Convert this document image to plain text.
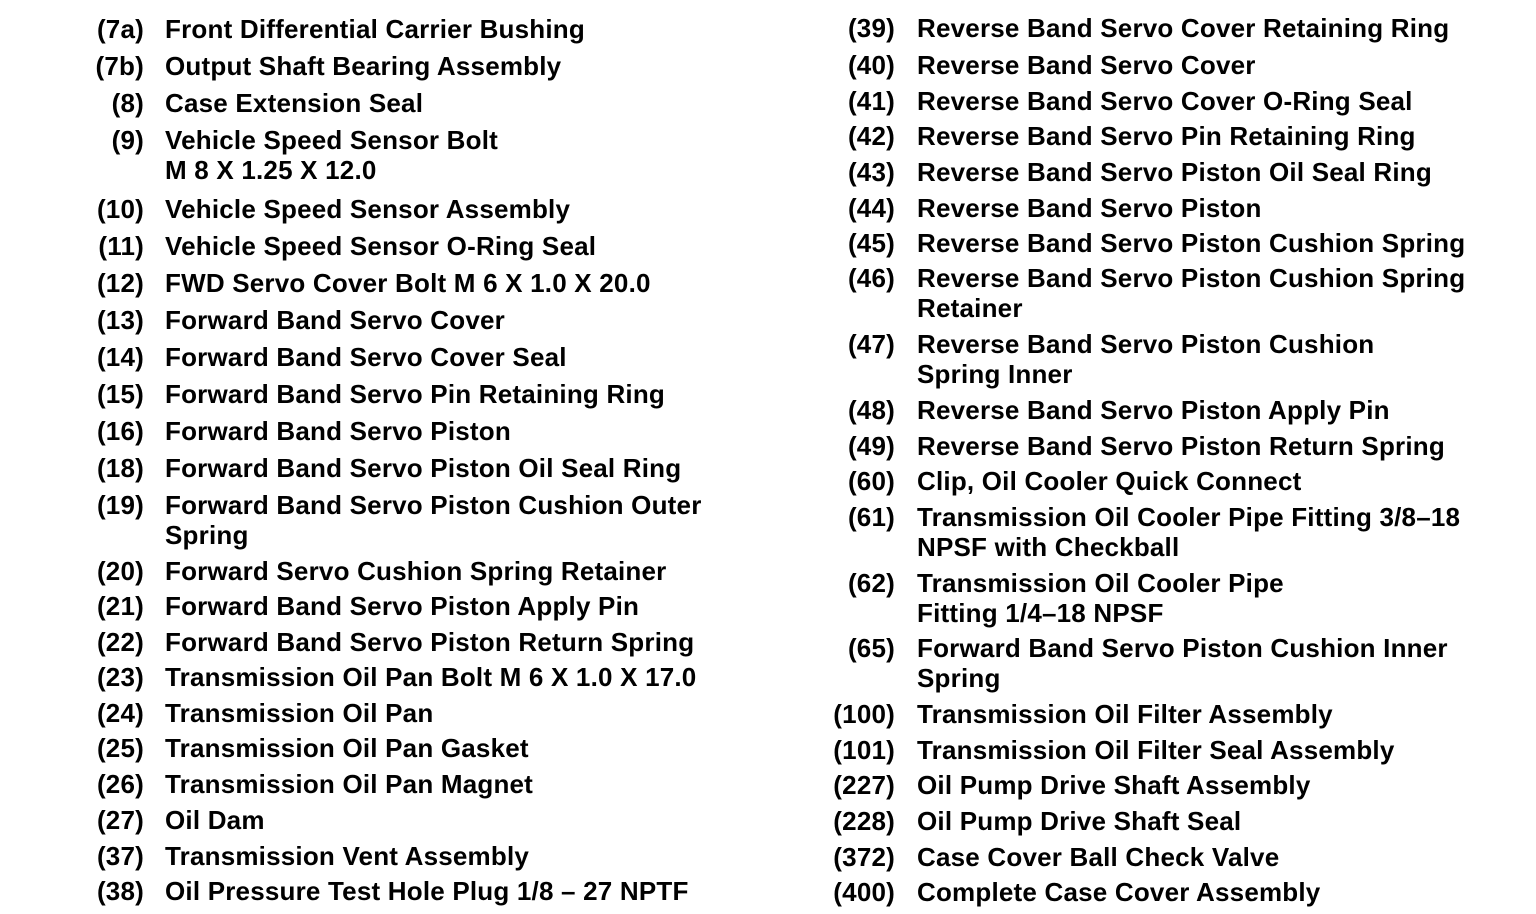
(7a) Front Differential Carrier Bushing
(7b) Output Shaft Bearing Assembly
(8) Case Extension Seal
(9) Vehicle Speed Sensor Bolt
M 8 X 1.25 X 12.0
(10) Vehicle Speed Sensor Assembly
(11) Vehicle Speed Sensor O-Ring Seal
(12) FWD Servo Cover Bolt M 6 X 1.0 X 20.0
(13) Forward Band Servo Cover
(14) Forward Band Servo Cover Seal
(15) Forward Band Servo Pin Retaining Ring
(16) Forward Band Servo Piston
(18) Forward Band Servo Piston Oil Seal Ring
(19) Forward Band Servo Piston Cushion Outer
Spring
(20) Forward Servo Cushion Spring Retainer
(21) Forward Band Servo Piston Apply Pin
(22) Forward Band Servo Piston Return Spring
(23) Transmission Oil Pan Bolt M 6 X 1.0 X 17.0
(24) Transmission Oil Pan
(25) Transmission Oil Pan Gasket
(26) Transmission Oil Pan Magnet
(27) Oil Dam
(37) Transmission Vent Assembly
(38) Oil Pressure Test Hole Plug 1/8 – 27 NPTF
(39) Reverse Band Servo Cover Retaining Ring
(40) Reverse Band Servo Cover
(41) Reverse Band Servo Cover O-Ring Seal
(42) Reverse Band Servo Pin Retaining Ring
(43) Reverse Band Servo Piston Oil Seal Ring
(44) Reverse Band Servo Piston
(45) Reverse Band Servo Piston Cushion Spring
(46) Reverse Band Servo Piston Cushion Spring
Retainer
(47) Reverse Band Servo Piston Cushion
Spring Inner
(48) Reverse Band Servo Piston Apply Pin
(49) Reverse Band Servo Piston Return Spring
(60) Clip, Oil Cooler Quick Connect
(61) Transmission Oil Cooler Pipe Fitting 3/8–18
NPSF with Checkball
(62) Transmission Oil Cooler Pipe
Fitting 1/4–18 NPSF
(65) Forward Band Servo Piston Cushion Inner
Spring
(100) Transmission Oil Filter Assembly
(101) Transmission Oil Filter Seal Assembly
(227) Oil Pump Drive Shaft Assembly
(228) Oil Pump Drive Shaft Seal
(372) Case Cover Ball Check Valve
(400) Complete Case Cover Assembly
